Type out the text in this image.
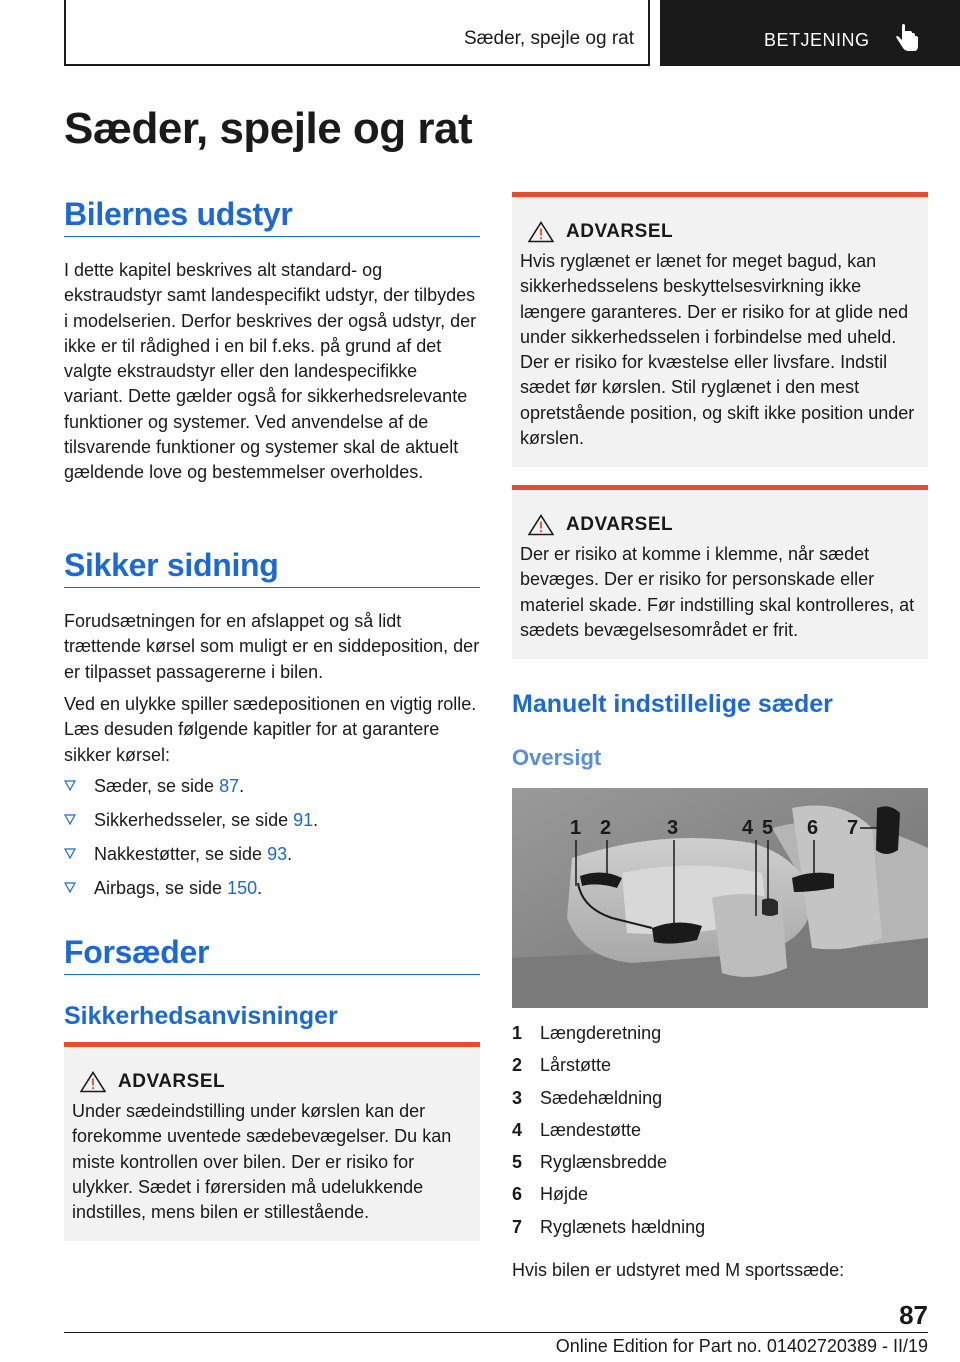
Sæder, spejle og rat	BETJENING
Sæder, spejle og rat
Bilernes udstyr

I dette kapitel beskrives alt standard- og ekstraudstyr samt landespecifikt udstyr, der tilbydes i modelserien. Derfor beskrives der også udstyr, der ikke er til rådighed i en bil f.eks. på grund af det valgte ekstraudstyr eller den landespecifikke variant. Dette gælder også for sikkerhedsrelevante funktioner og systemer. Ved anvendelse af de tilsvarende funktioner og systemer skal de aktuelt gældende love og bestemmelser overholdes.

Sikker sidning

Forudsætningen for en afslappet og så lidt trættende kørsel som muligt er en siddeposition, der er tilpasset passagererne i bilen.

Ved en ulykke spiller sædepositionen en vigtig rolle. Læs desuden følgende kapitler for at garantere sikker kørsel:

Sæder, se side 87.
Sikkerhedsseler, se side 91.
Nakkestøtter, se side 93.
Airbags, se side 150.
Forsæder
Sikkerhedsanvisninger
ADVARSEL

Under sædeindstilling under kørslen kan der forekomme uventede sædebevægelser. Du kan miste kontrollen over bilen. Der er risiko for ulykker. Sædet i førersiden må udelukkende indstilles, mens bilen er stillestående.

ADVARSEL

Hvis ryglænet er lænet for meget bagud, kan sikkerhedsselens beskyttelsesvirkning ikke længere garanteres. Der er risiko for at glide ned under sikkerhedsselen i forbindelse med uheld. Der er risiko for kvæstelse eller livsfare. Indstil sædet før kørslen. Stil ryglænet i den mest opretstående position, og skift ikke position under kørslen.

ADVARSEL

Der er risiko at komme i klemme, når sædet bevæges. Der er risiko for personskade eller materiel skade. Før indstilling skal kontrolleres, at sædets bevægelsesområdet er frit.

Manuelt indstillelige sæder
Oversigt
1 2	3	4 5 6 7
1 Længderetning
2 Lårstøtte
3 Sædehældning
4 Lændestøtte
5 Ryglænsbredde
6 Højde
7 Ryglænets hældning

Hvis bilen er udstyret med M sportssæde:

87
Online Edition for Part no. 01402720389 - II/19
